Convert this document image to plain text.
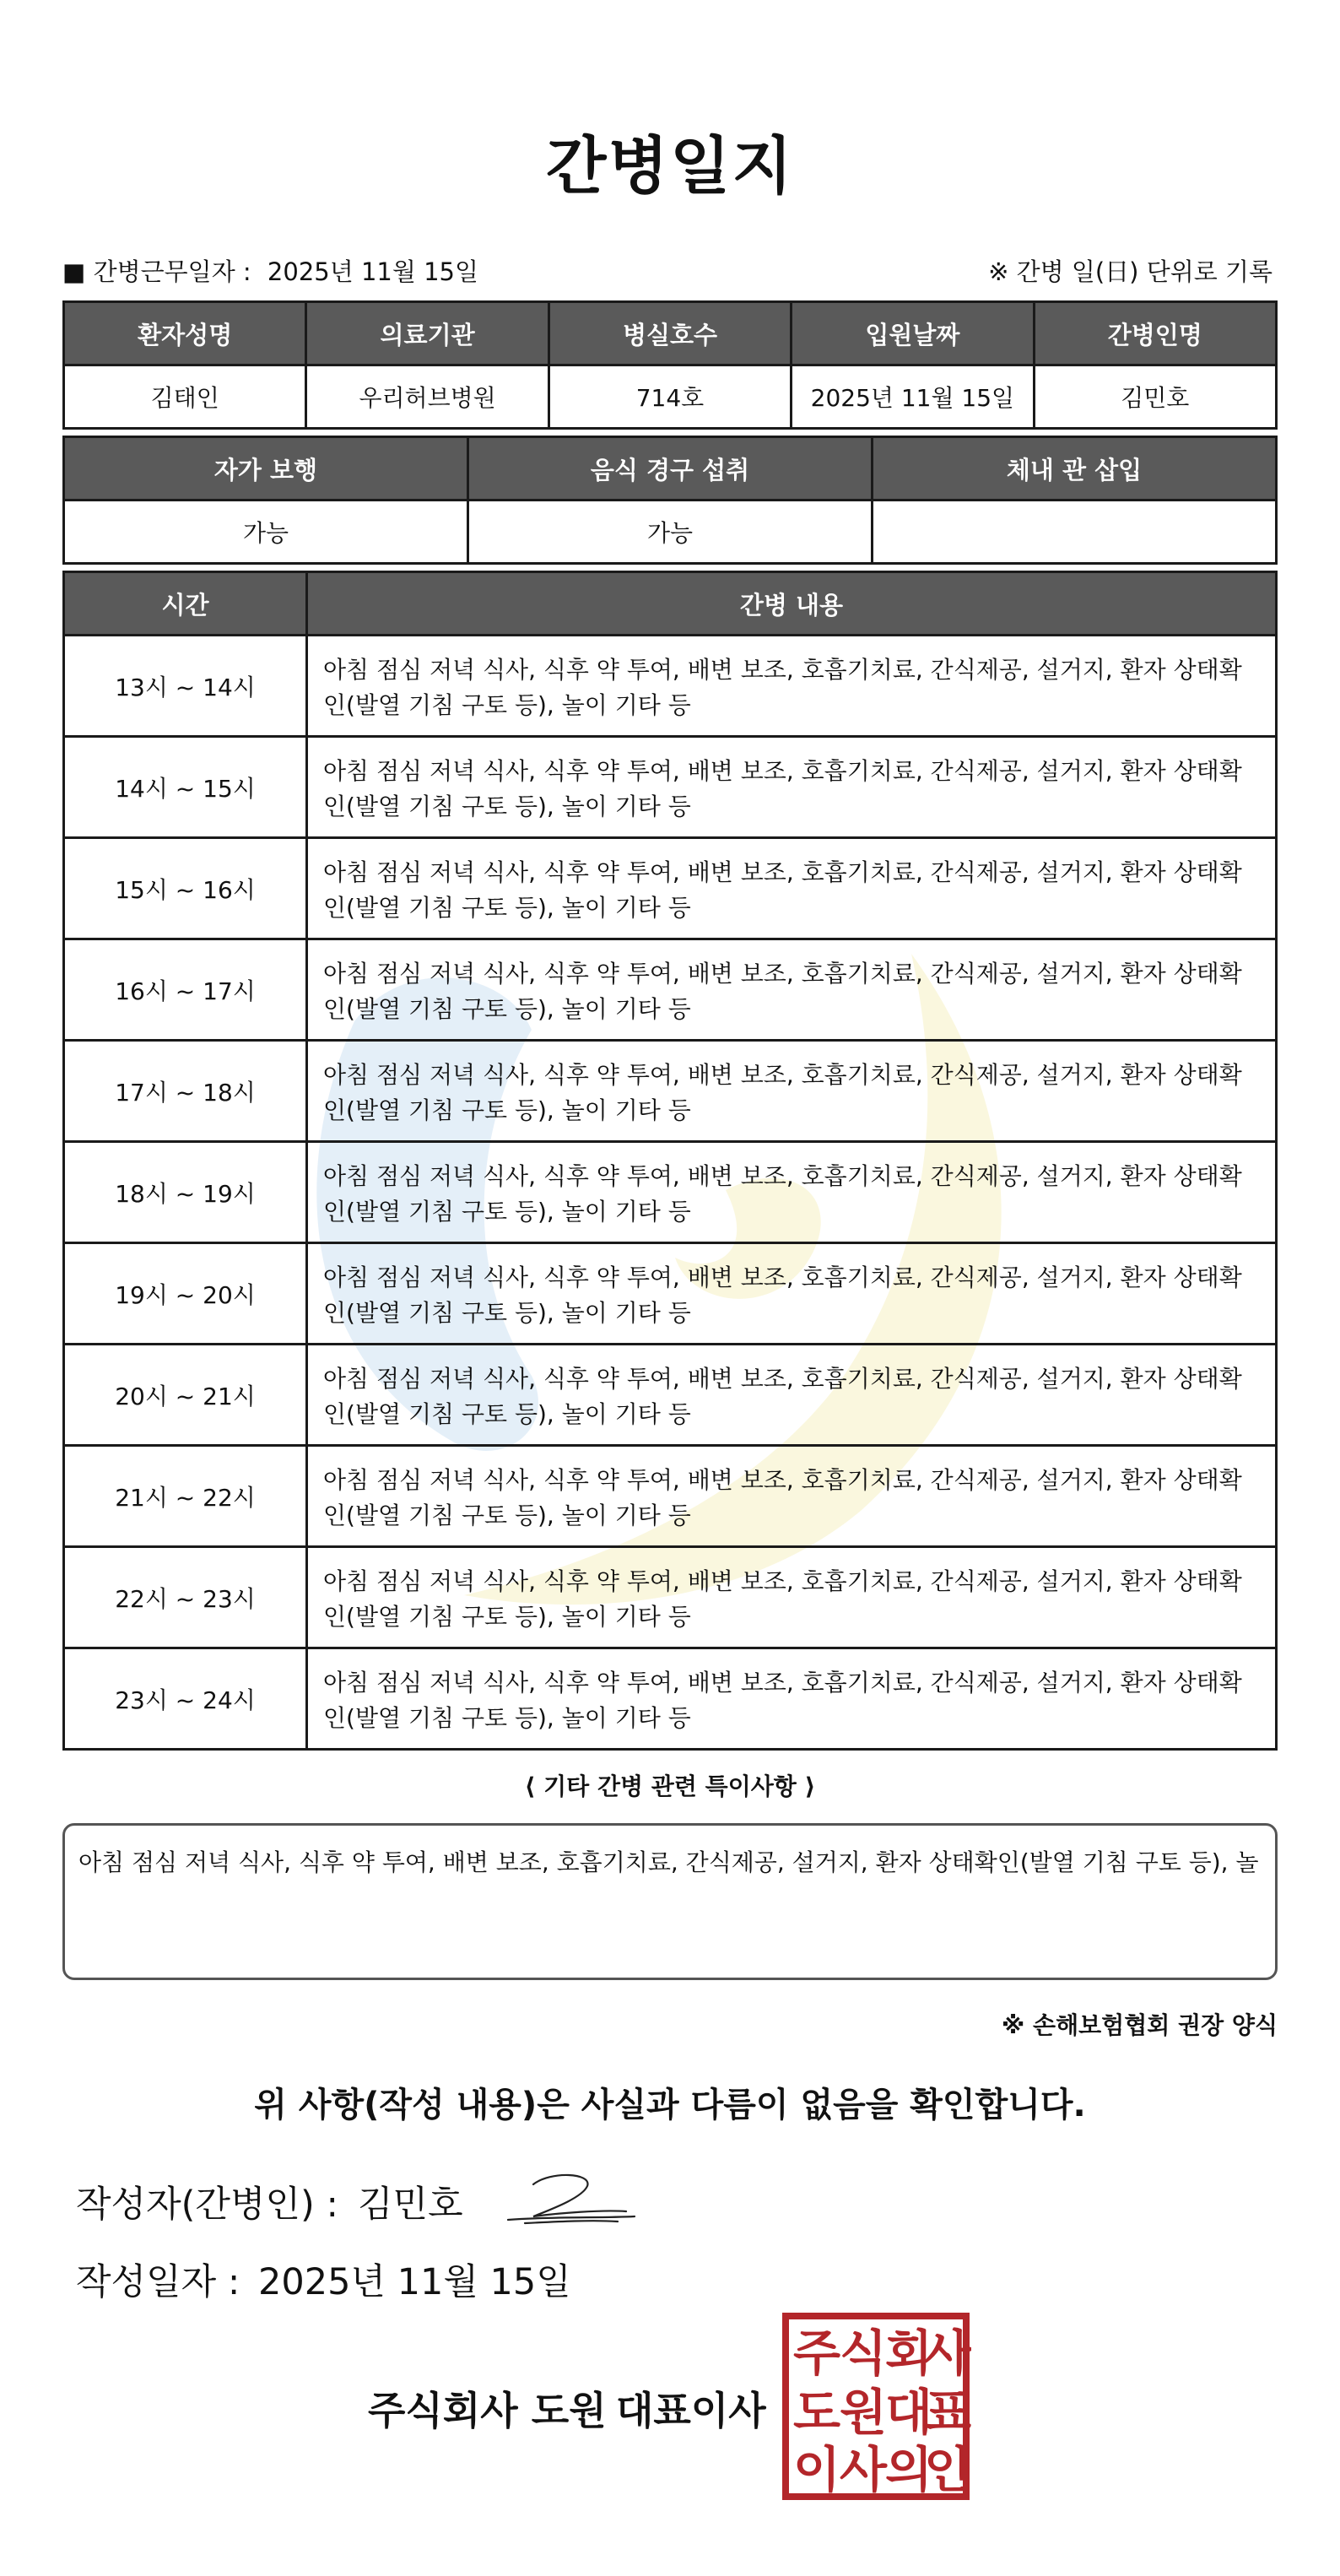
간병일지
■ 간병근무일자 : 2025년 11월 15일	※ 간병 일(日) 단위로 기록
환자성명	의료기관	병실호수	입원날짜	간병인명
김태인	우리허브병원	714호	2025년 11월 15일	김민호
자가 보행	음식 경구 섭취	체내 관 삽입
가능	가능	
시간	간병 내용
13시 ~ 14시	아침 점심 저녁 식사, 식후 약 투여, 배변 보조, 호흡기치료, 간식제공, 설거지, 환자 상태확
인(발열 기침 구토 등), 놀이 기타 등

14시 ~ 15시	아침 점심 저녁 식사, 식후 약 투여, 배변 보조, 호흡기치료, 간식제공, 설거지, 환자 상태확
인(발열 기침 구토 등), 놀이 기타 등

15시 ~ 16시	아침 점심 저녁 식사, 식후 약 투여, 배변 보조, 호흡기치료, 간식제공, 설거지, 환자 상태확
인(발열 기침 구토 등), 놀이 기타 등

16시 ~ 17시	아침 점심 저녁 식사, 식후 약 투여, 배변 보조, 호흡기치료, 간식제공, 설거지, 환자 상태확
인(발열 기침 구토 등), 놀이 기타 등

17시 ~ 18시	아침 점심 저녁 식사, 식후 약 투여, 배변 보조, 호흡기치료, 간식제공, 설거지, 환자 상태확
인(발열 기침 구토 등), 놀이 기타 등

18시 ~ 19시	아침 점심 저녁 식사, 식후 약 투여, 배변 보조, 호흡기치료, 간식제공, 설거지, 환자 상태확
인(발열 기침 구토 등), 놀이 기타 등

19시 ~ 20시	아침 점심 저녁 식사, 식후 약 투여, 배변 보조, 호흡기치료, 간식제공, 설거지, 환자 상태확
인(발열 기침 구토 등), 놀이 기타 등

20시 ~ 21시	아침 점심 저녁 식사, 식후 약 투여, 배변 보조, 호흡기치료, 간식제공, 설거지, 환자 상태확
인(발열 기침 구토 등), 놀이 기타 등

21시 ~ 22시	아침 점심 저녁 식사, 식후 약 투여, 배변 보조, 호흡기치료, 간식제공, 설거지, 환자 상태확
인(발열 기침 구토 등), 놀이 기타 등

22시 ~ 23시	아침 점심 저녁 식사, 식후 약 투여, 배변 보조, 호흡기치료, 간식제공, 설거지, 환자 상태확
인(발열 기침 구토 등), 놀이 기타 등

23시 ~ 24시	아침 점심 저녁 식사, 식후 약 투여, 배변 보조, 호흡기치료, 간식제공, 설거지, 환자 상태확
인(발열 기침 구토 등), 놀이 기타 등
⟨ 기타 간병 관련 특이사항 ⟩
아침 점심 저녁 식사, 식후 약 투여, 배변 보조, 호흡기치료, 간식제공, 설거지, 환자 상태확인(발열 기침 구토 등), 놀
※ 손해보험협회 권장 양식
위 사항(작성 내용)은 사실과 다름이 없음을 확인합니다.
작성자(간병인) : 김민호
작성일자 : 2025년 11월 15일
주식회사 도원 대표이사
주
식
회
사
도
원
대
표
이
사
의
인
